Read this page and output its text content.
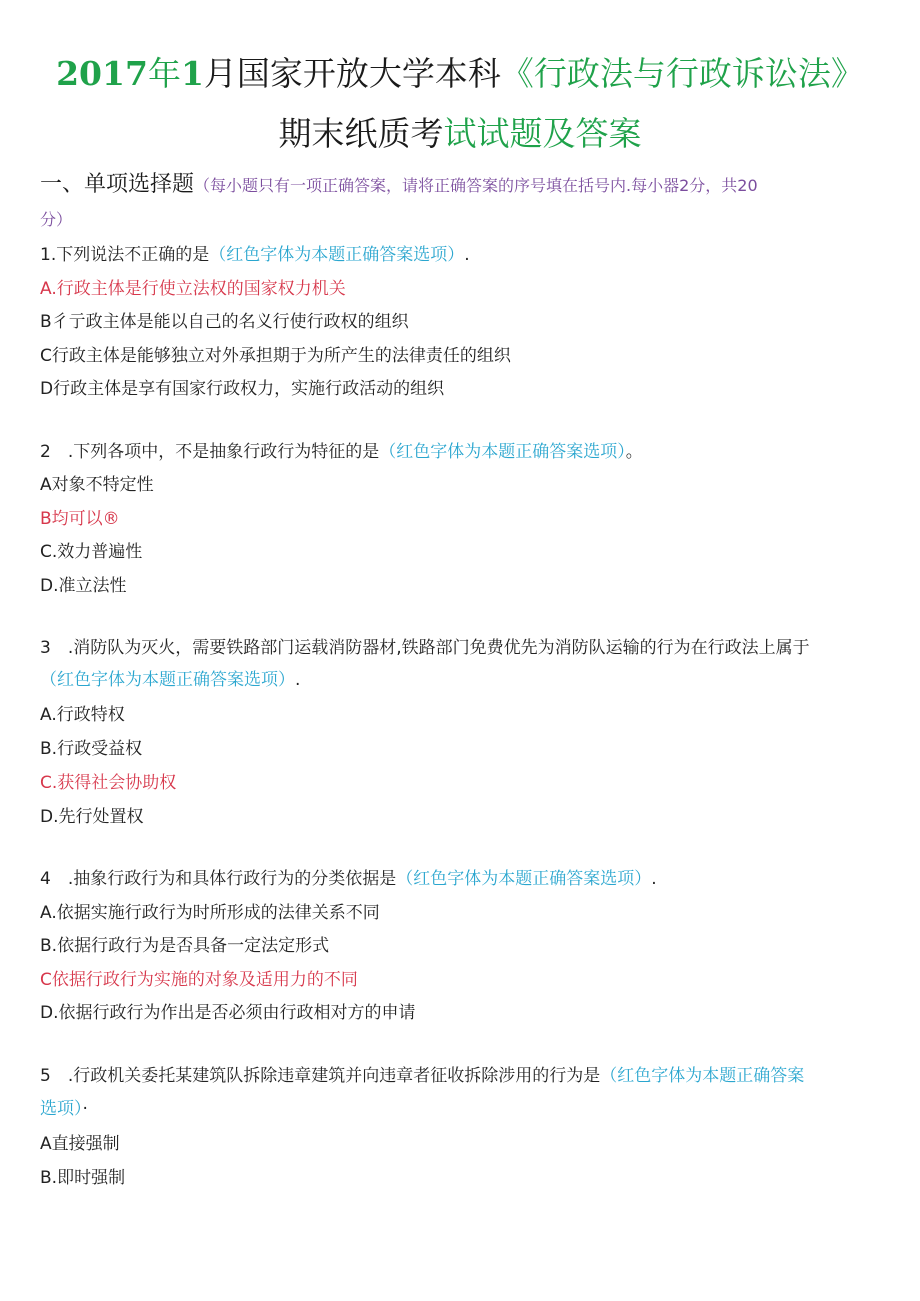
2017年1月国家开放大学本科《行政法与行政诉讼法》
期末纸质考试试题及答案
一、单项选择题（每小题只有一项正确答案，请将正确答案的序号填在括号内.每小器2分，共20
分）
1.下列说法不正确的是（红色字体为本题正确答案选项）.
A.行政主体是行使立法权的国家权力机关
B彳亍政主体是能以自己的名义行使行政权的组织
C行政主体是能够独立对外承担期于为所产生的法律责任的组织
D行政主体是享有国家行政权力，实施行政活动的组织
2　.下列各项中，不是抽象行政行为特征的是（红色字体为本题正确答案选项）。
A对象不特定性
B均可以®
C.效力普遍性
D.准立法性
3　.消防队为灭火，需要铁路部门运载消防器材,铁路部门免费优先为消防队运输的行为在行政法上属于
（红色字体为本题正确答案选项）.
A.行政特权
B.行政受益权
C.获得社会协助权
D.先行处置权
4　.抽象行政行为和具体行政行为的分类依据是（红色字体为本题正确答案选项）.
A.依据实施行政行为时所形成的法律关系不同
B.依据行政行为是否具备一定法定形式
C依据行政行为实施的对象及适用力的不同
D.依据行政行为作出是否必须由行政相对方的申请
5　.行政机关委托某建筑队拆除违章建筑并向违章者征收拆除涉用的行为是（红色字体为本题正确答案
选项）·
A直接强制
B.即时强制
